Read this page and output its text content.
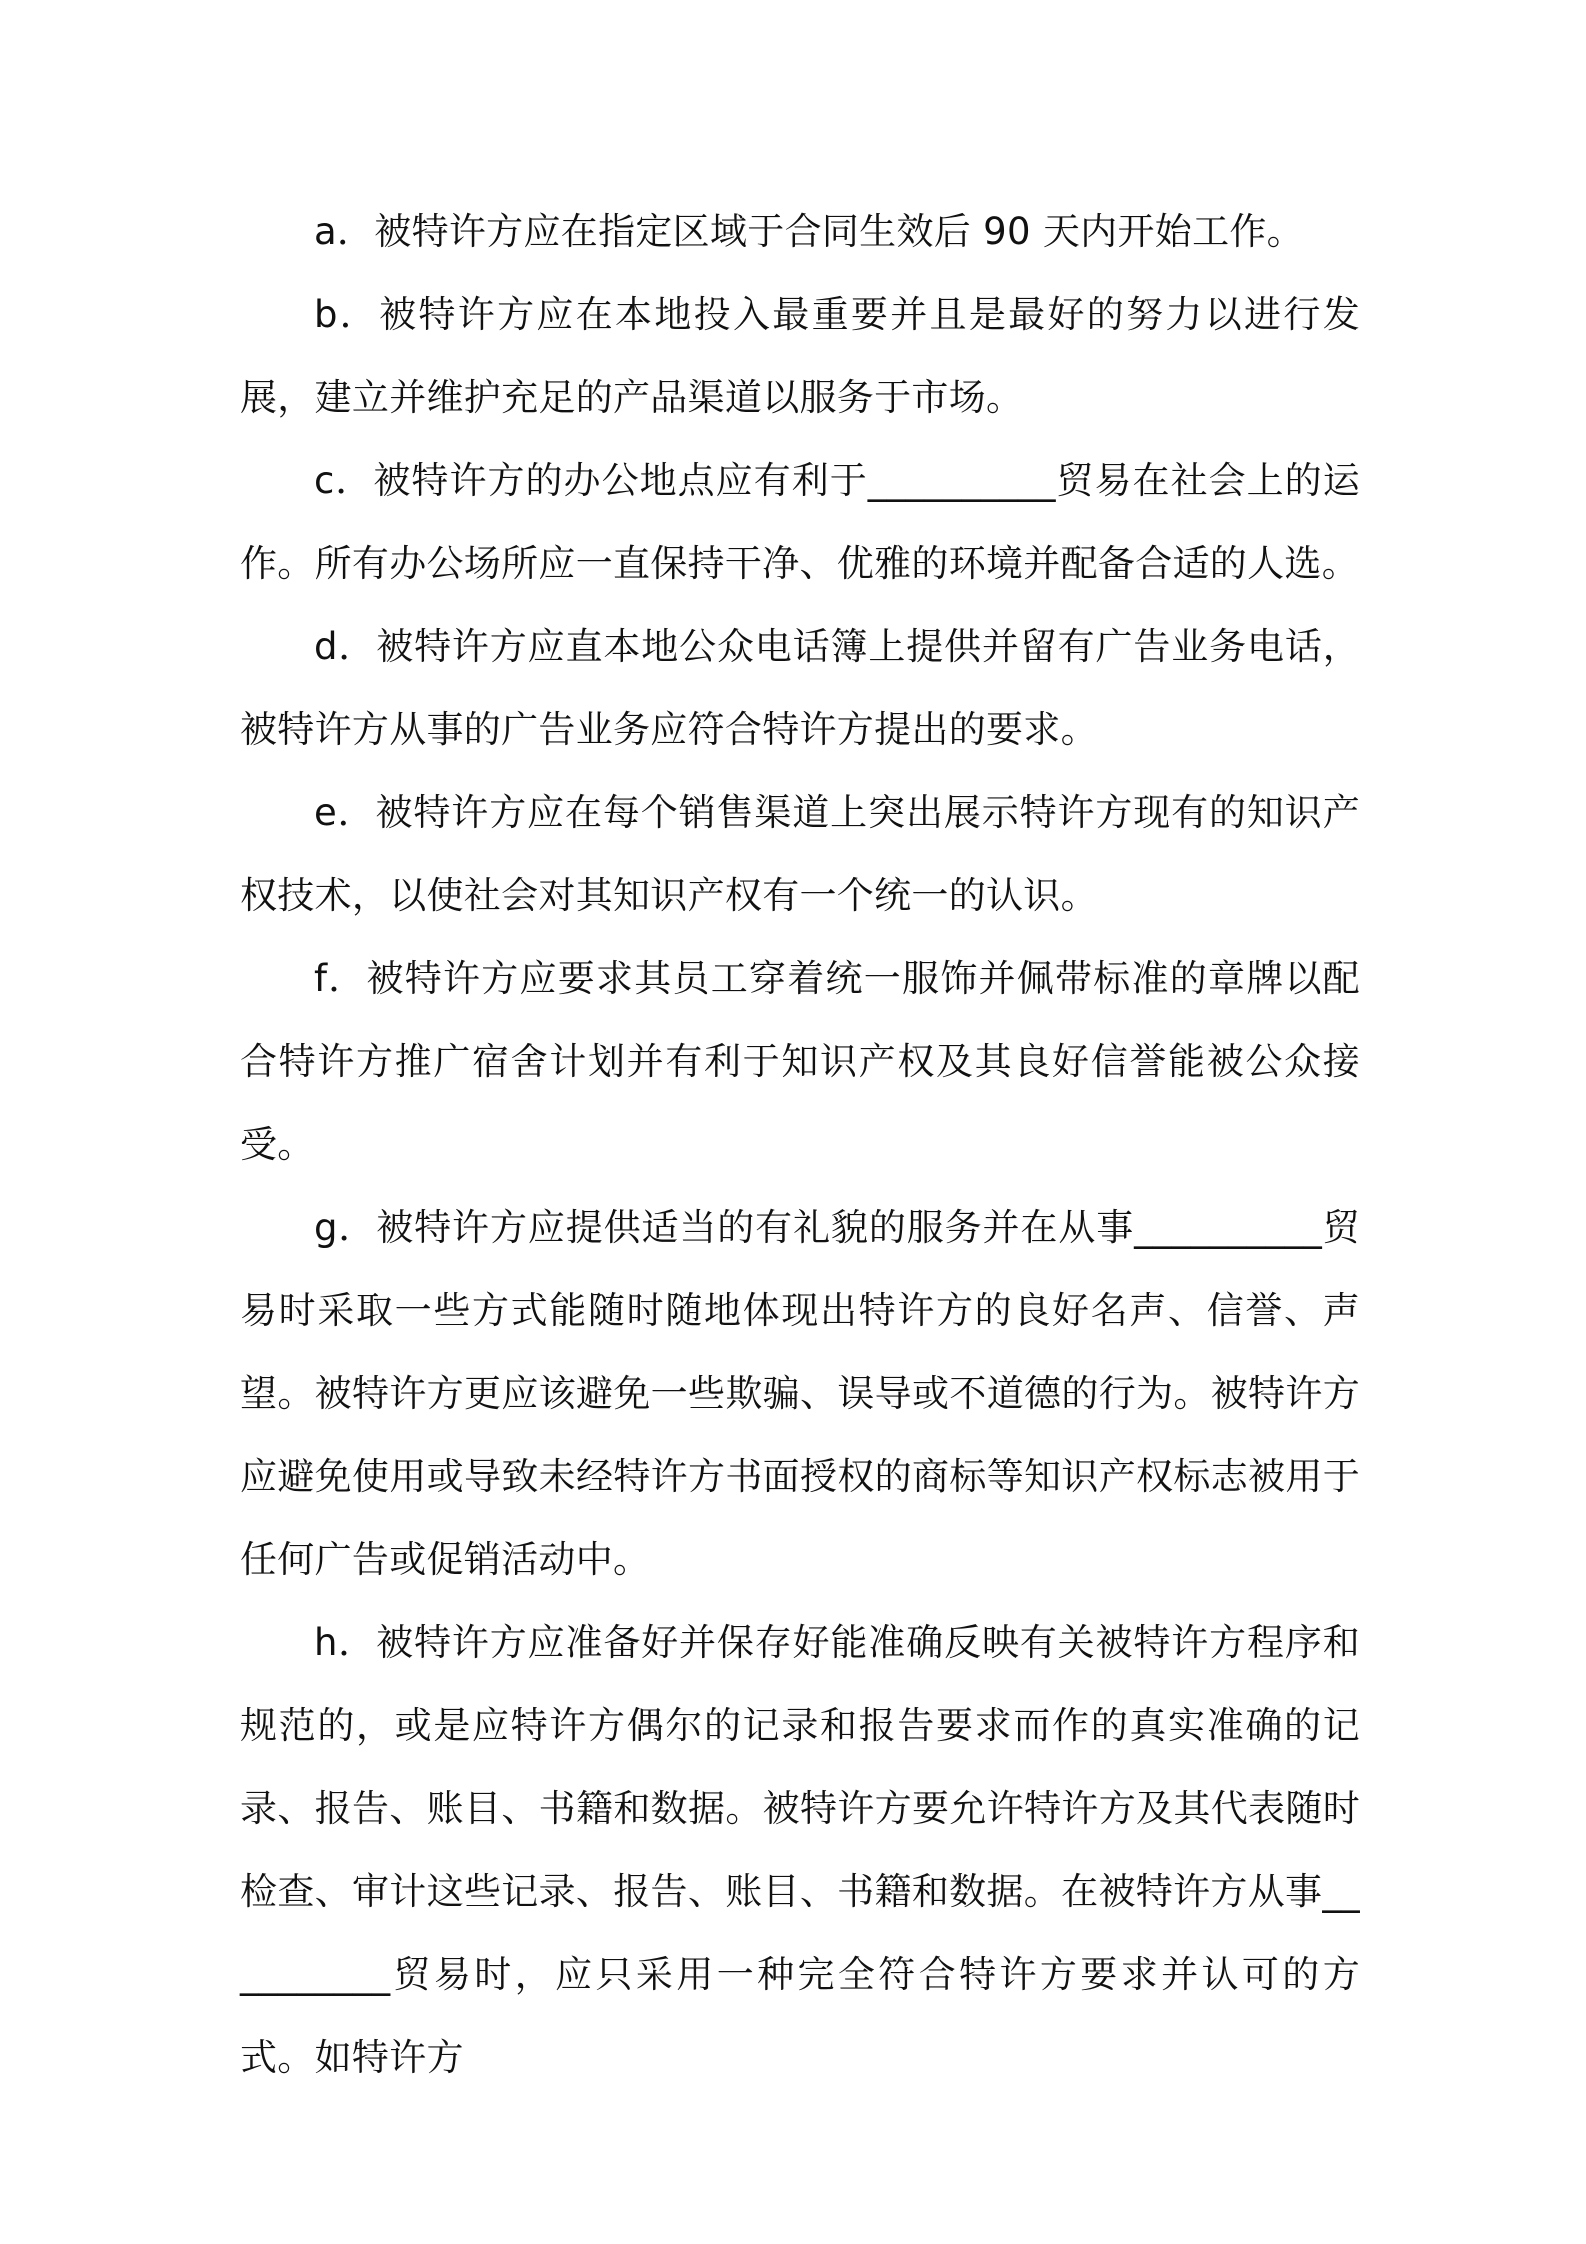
a．被特许方应在指定区域于合同生效后 90 天内开始工作。

b．被特许方应在本地投入最重要并且是最好的努力以进行发展，建立并维护充足的产品渠道以服务于市场。

c．被特许方的办公地点应有利于__________贸易在社会上的运作。所有办公场所应一直保持干净、优雅的环境并配备合适的人选。

d．被特许方应直本地公众电话簿上提供并留有广告业务电话，被特许方从事的广告业务应符合特许方提出的要求。

e．被特许方应在每个销售渠道上突出展示特许方现有的知识产权技术，以使社会对其知识产权有一个统一的认识。

f．被特许方应要求其员工穿着统一服饰并佩带标准的章牌以配合特许方推广宿舍计划并有利于知识产权及其良好信誉能被公众接受。

g．被特许方应提供适当的有礼貌的服务并在从事__________贸易时采取一些方式能随时随地体现出特许方的良好名声、信誉、声望。被特许方更应该避免一些欺骗、误导或不道德的行为。被特许方应避免使用或导致未经特许方书面授权的商标等知识产权标志被用于任何广告或促销活动中。

h．被特许方应准备好并保存好能准确反映有关被特许方程序和规范的，或是应特许方偶尔的记录和报告要求而作的真实准确的记录、报告、账目、书籍和数据。被特许方要允许特许方及其代表随时检查、审计这些记录、报告、账目、书籍和数据。在被特许方从事__________贸易时，应只采用一种完全符合特许方要求并认可的方式。如特许方
